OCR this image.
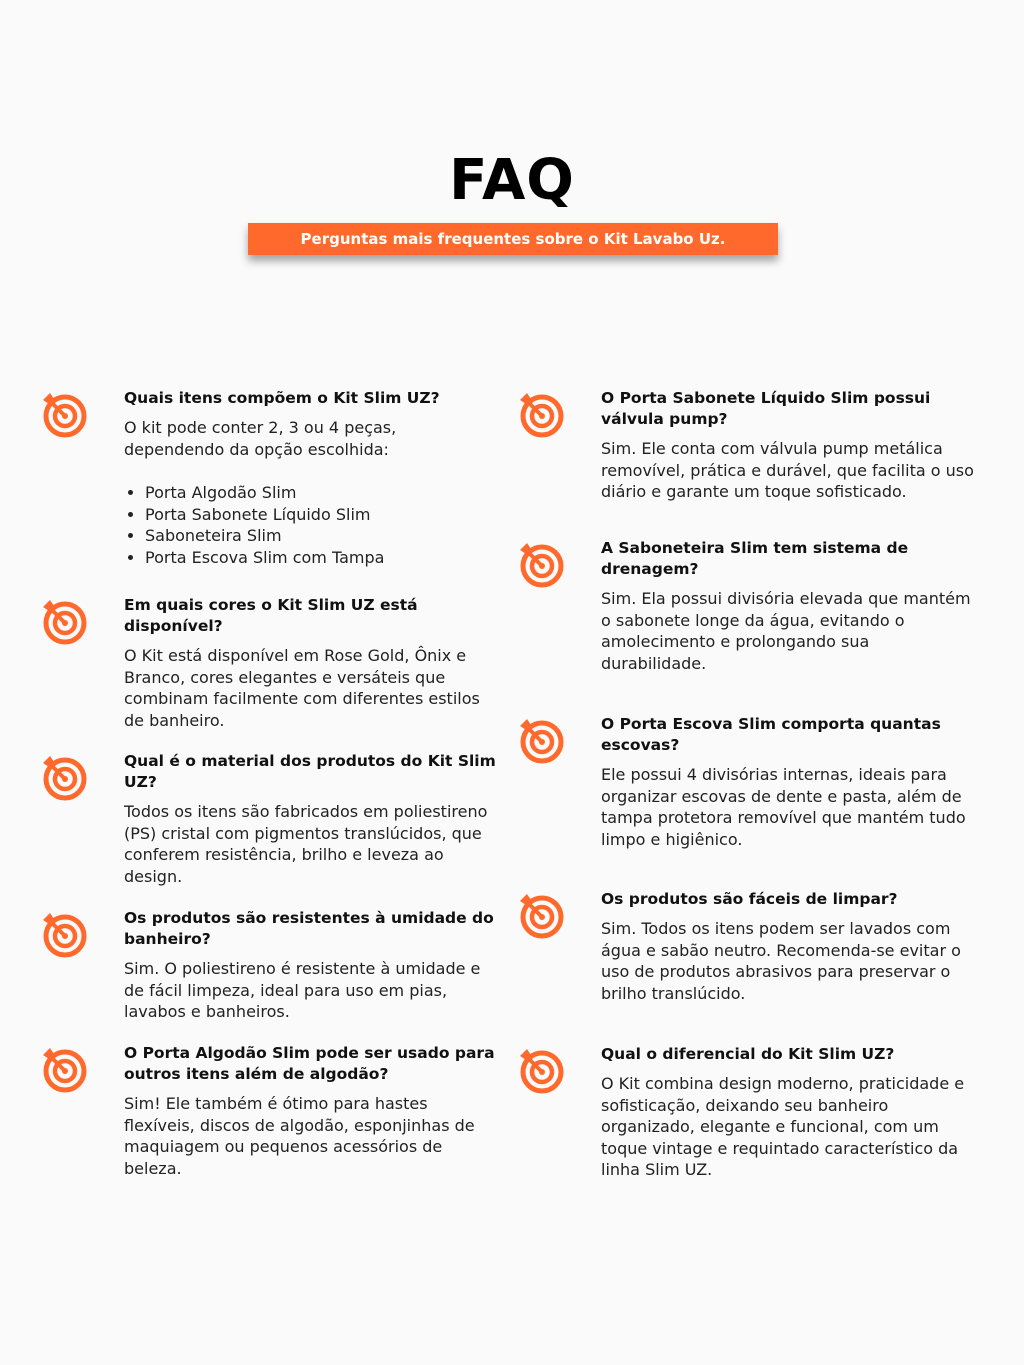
FAQ
Perguntas mais frequentes sobre o Kit Lavabo Uz.
Quais itens compõem o Kit Slim UZ?
O kit pode conter 2, 3 ou 4 peças, dependendo da opção escolhida:
• Porta Algodão Slim
• Porta Sabonete Líquido Slim
• Saboneteira Slim
• Porta Escova Slim com Tampa
Em quais cores o Kit Slim UZ está disponível?
O Kit está disponível em Rose Gold, Ônix e Branco, cores elegantes e versáteis que combinam facilmente com diferentes estilos de banheiro.
Qual é o material dos produtos do Kit Slim UZ?
Todos os itens são fabricados em poliestireno (PS) cristal com pigmentos translúcidos, que conferem resistência, brilho e leveza ao design.
Os produtos são resistentes à umidade do banheiro?
Sim. O poliestireno é resistente à umidade e de fácil limpeza, ideal para uso em pias, lavabos e banheiros.
O Porta Algodão Slim pode ser usado para outros itens além de algodão?
Sim! Ele também é ótimo para hastes flexíveis, discos de algodão, esponjinhas de maquiagem ou pequenos acessórios de beleza.
O Porta Sabonete Líquido Slim possui válvula pump?
Sim. Ele conta com válvula pump metálica removível, prática e durável, que facilita o uso diário e garante um toque sofisticado.
A Saboneteira Slim tem sistema de drenagem?
Sim. Ela possui divisória elevada que mantém o sabonete longe da água, evitando o amolecimento e prolongando sua durabilidade.
O Porta Escova Slim comporta quantas escovas?
Ele possui 4 divisórias internas, ideais para organizar escovas de dente e pasta, além de tampa protetora removível que mantém tudo limpo e higiênico.
Os produtos são fáceis de limpar?
Sim. Todos os itens podem ser lavados com água e sabão neutro. Recomenda-se evitar o uso de produtos abrasivos para preservar o brilho translúcido.
Qual o diferencial do Kit Slim UZ?
O Kit combina design moderno, praticidade e sofisticação, deixando seu banheiro organizado, elegante e funcional, com um toque vintage e requintado característico da linha Slim UZ.
